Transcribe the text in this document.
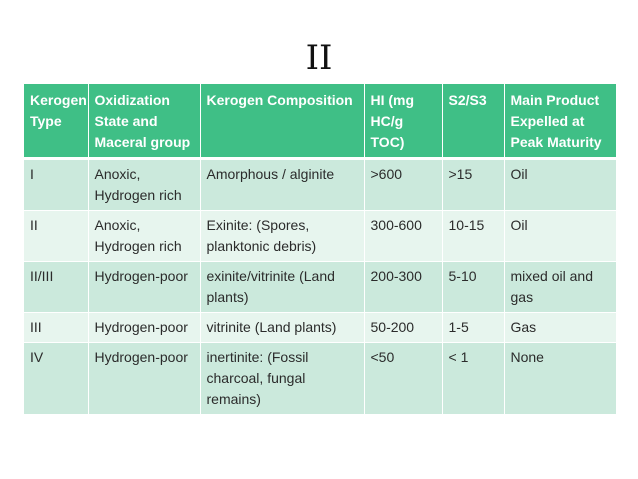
II
Kerogen Type	Oxidization State and Maceral group	Kerogen Composition	HI (mg HC/g TOC)	S2/S3	Main Product Expelled at Peak Maturity
I	Anoxic, Hydrogen rich	Amorphous / alginite	>600	>15	Oil
II	Anoxic, Hydrogen rich	Exinite: (Spores, planktonic debris)	300-600	10-15	Oil
II/III	Hydrogen-poor	exinite/vitrinite (Land plants)	200-300	5-10	mixed oil and gas
III	Hydrogen-poor	vitrinite (Land plants)	50-200	1-5	Gas
IV	Hydrogen-poor	inertinite: (Fossil charcoal, fungal remains)	<50	< 1	None
